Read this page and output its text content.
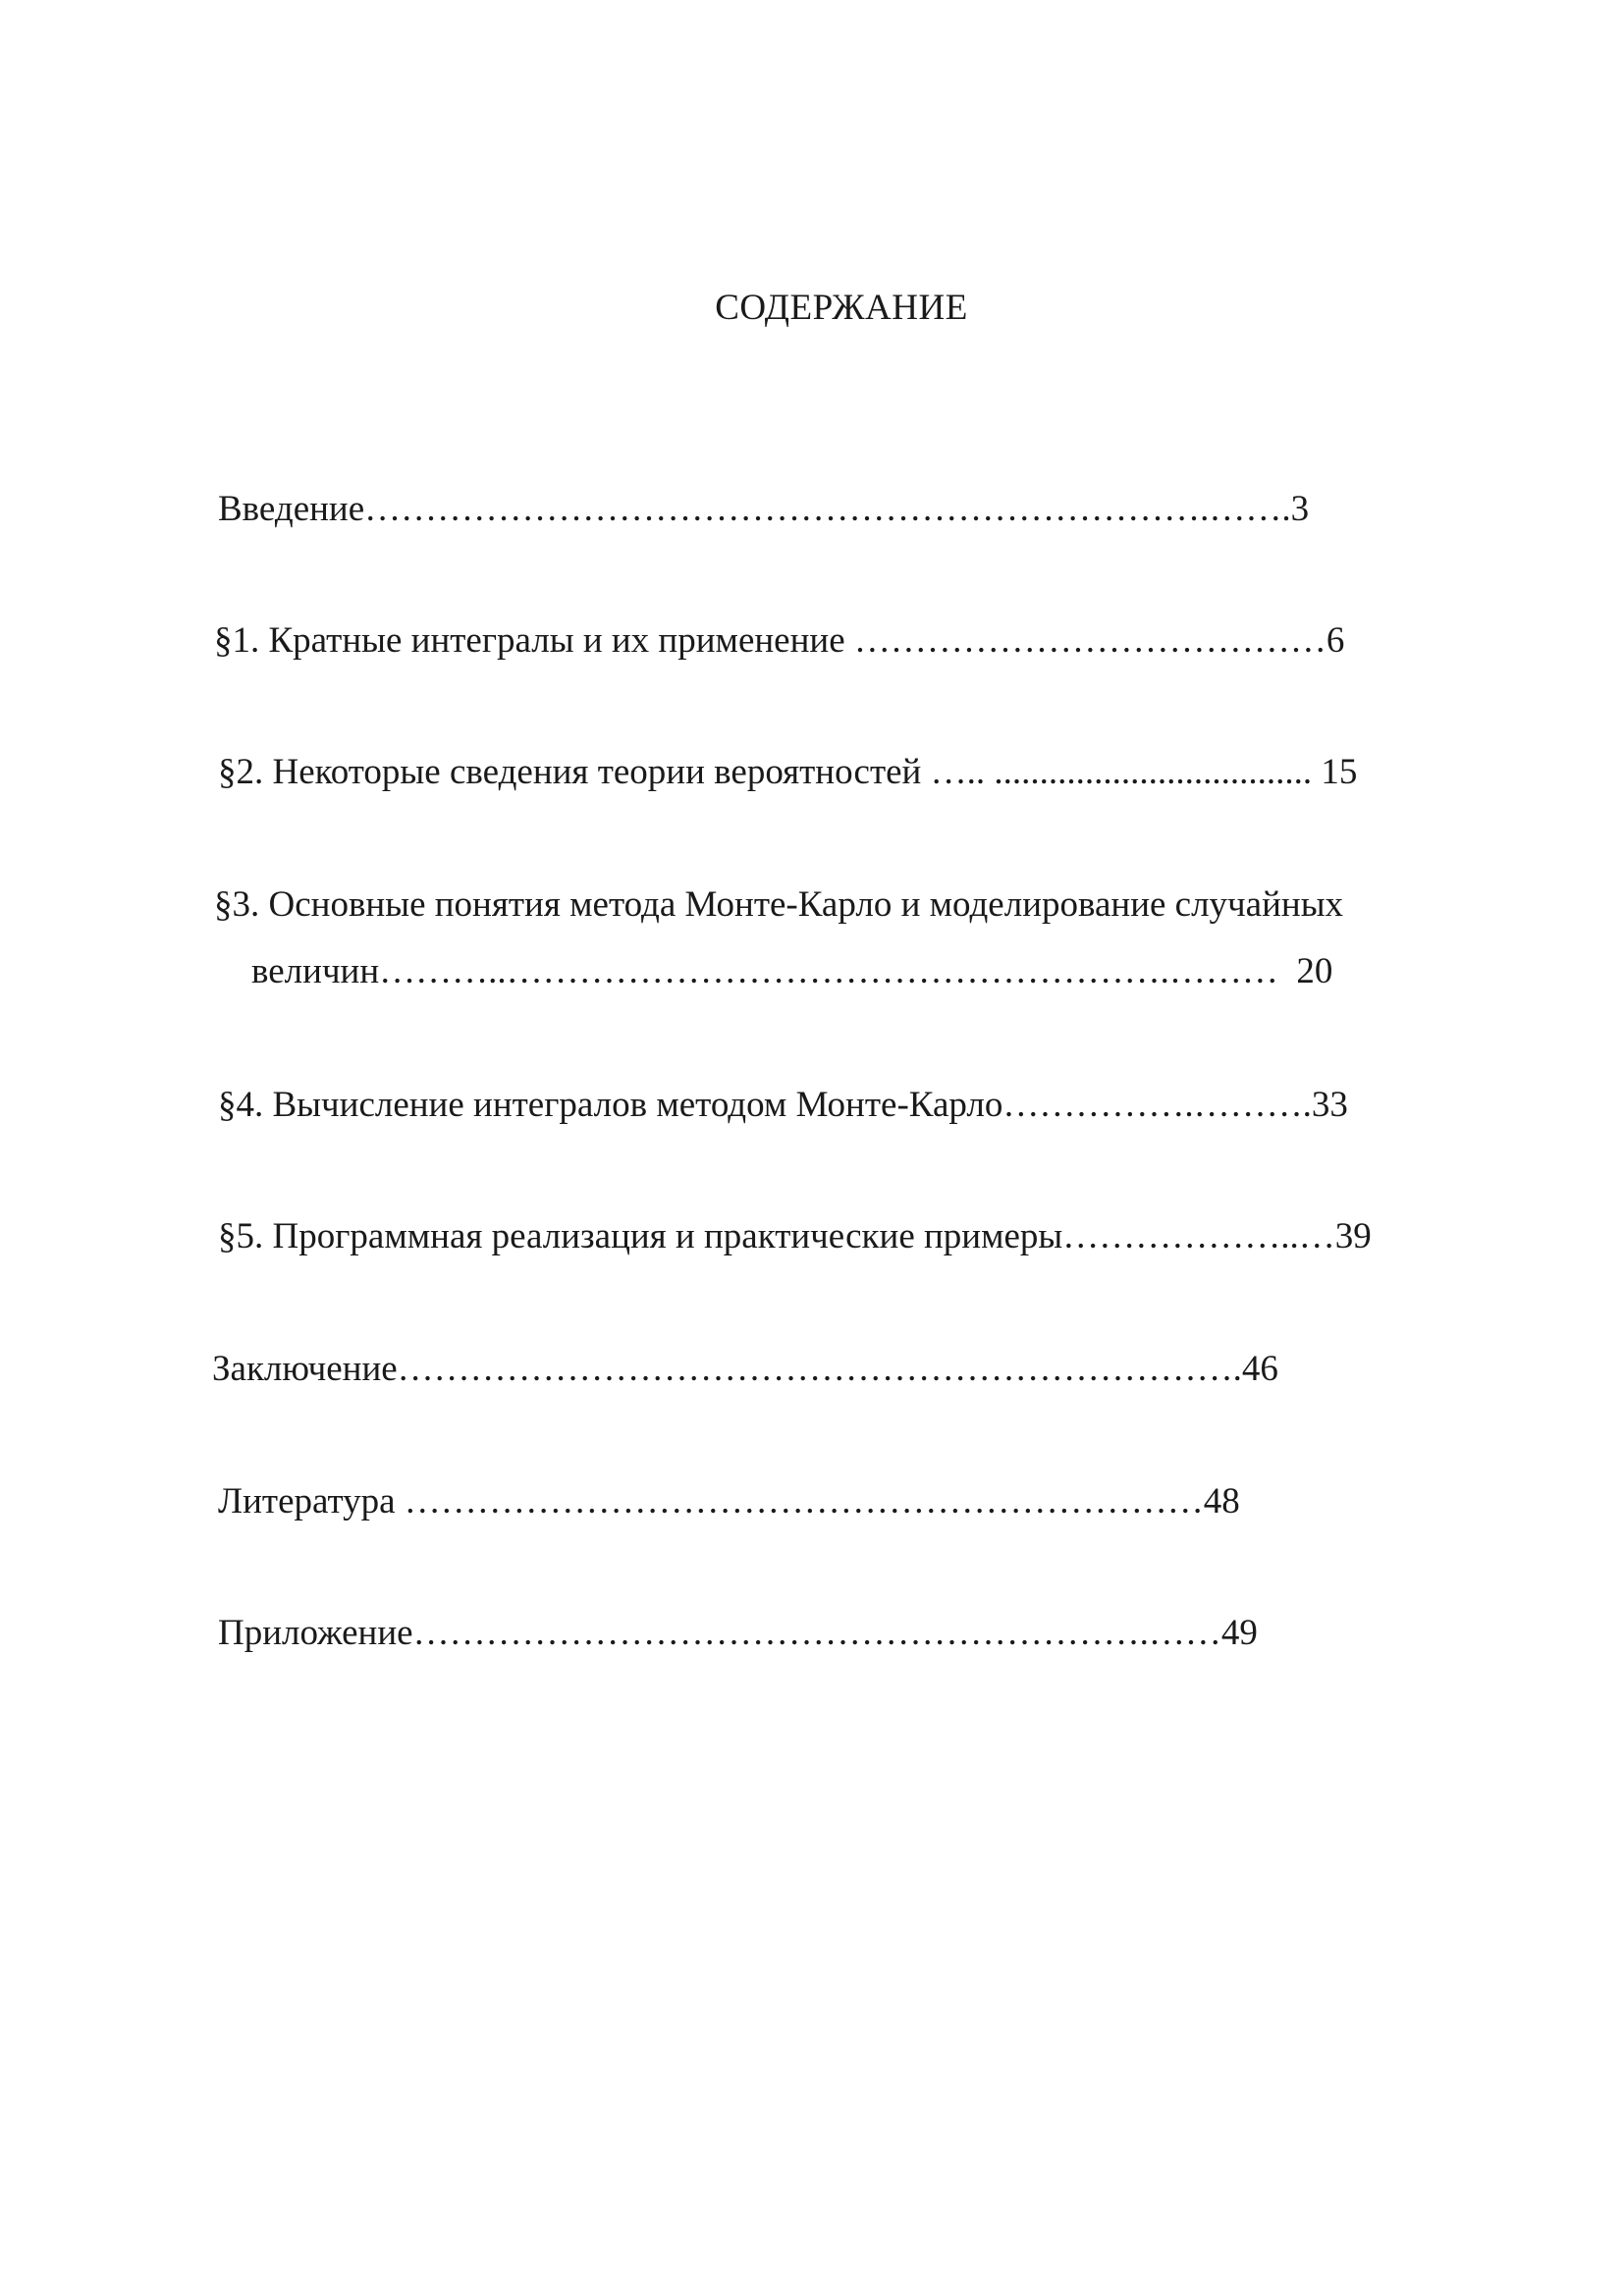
СОДЕРЖАНИЕ
Введение…………………………………………………………….…….3
§1. Кратные интегралы и их применение …………………………………6
§2. Некоторые сведения теории вероятностей ….. ................................... 15
§3. Основные понятия метода Монте-Карло и моделирование случайных
величин………..……………………………………………….………  20
§4. Вычисление интегралов методом Монте-Карло…………….……….33
§5. Программная реализация и практические примеры………………..…39
Заключение…………………………………………………………….46
Литература …………………………………………………………48
Приложение…………………………………………………….……49
